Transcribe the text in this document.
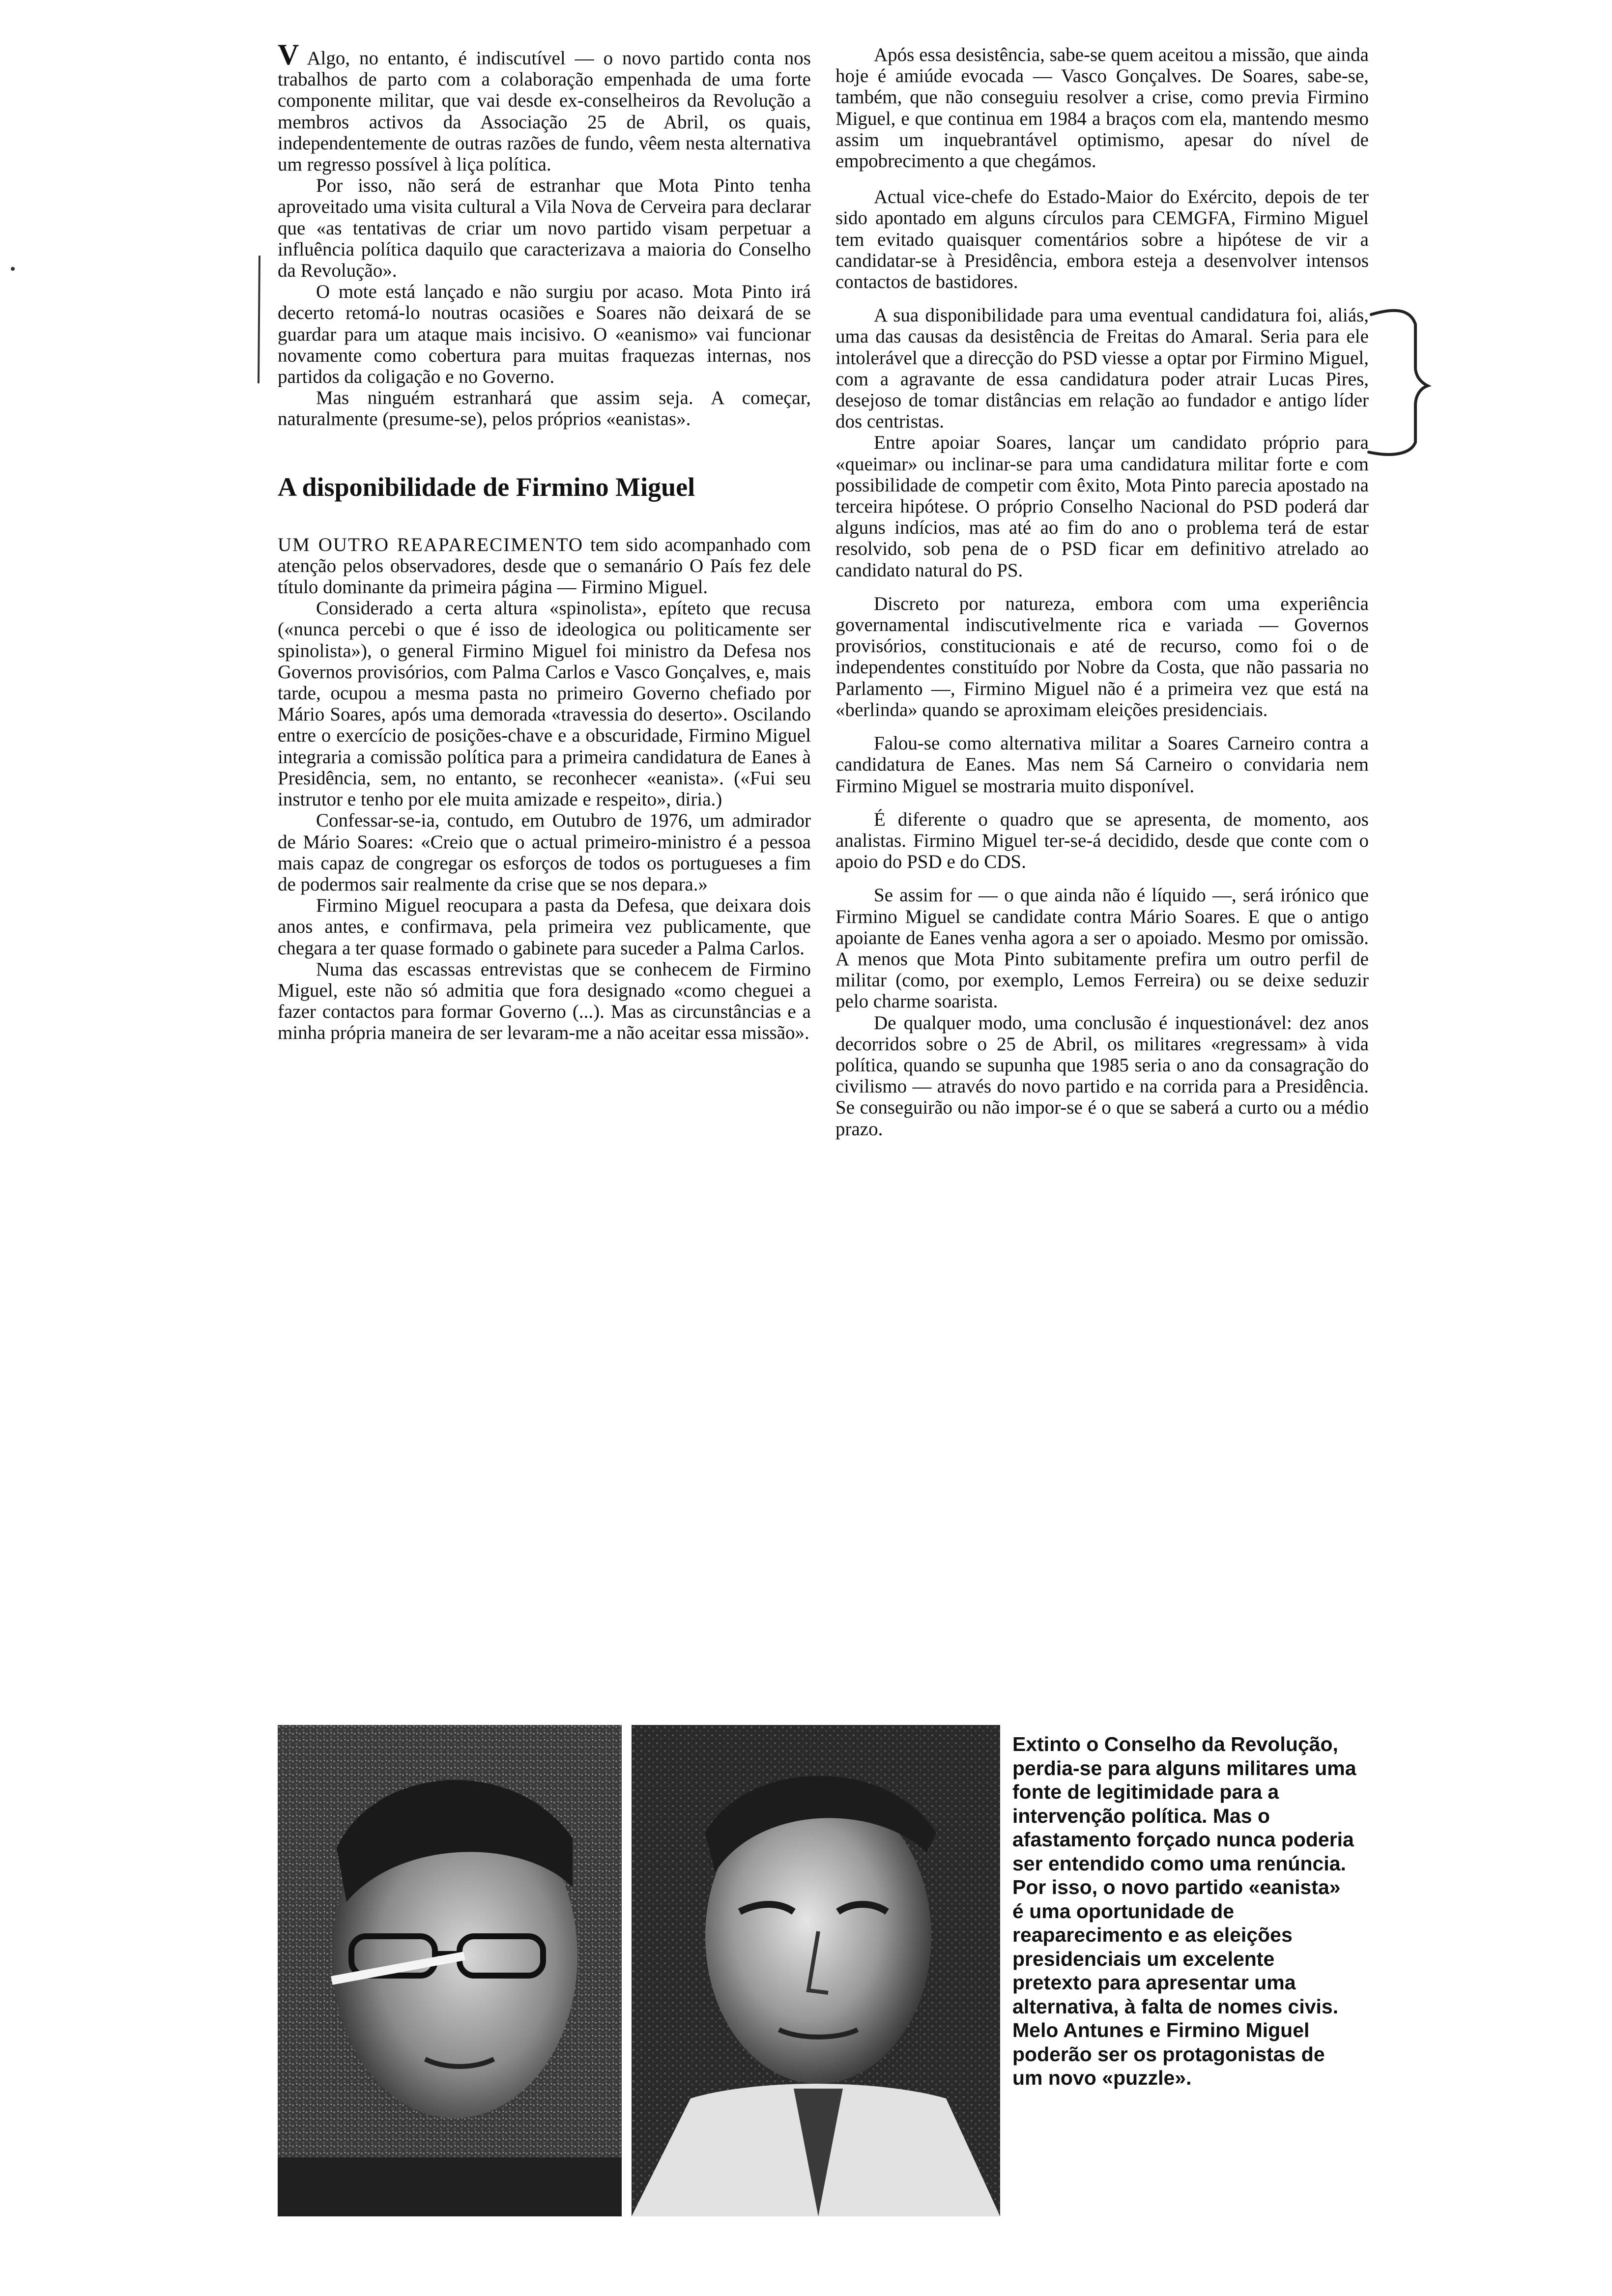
V Algo, no entanto, é indiscutível — o novo partido conta nos trabalhos de parto com a colaboração empenhada de uma forte componente militar, que vai desde ex-conselheiros da Revolução a membros activos da Associação 25 de Abril, os quais, independentemente de outras razões de fundo, vêem nesta alternativa um regresso possível à liça política.

Por isso, não será de estranhar que Mota Pinto tenha aproveitado uma visita cultural a Vila Nova de Cerveira para declarar que «as tentativas de criar um novo partido visam perpetuar a influência política daquilo que caracterizava a maioria do Conselho da Revolução».

O mote está lançado e não surgiu por acaso. Mota Pinto irá decerto retomá-lo noutras ocasiões e Soares não deixará de se guardar para um ataque mais incisivo. O «eanismo» vai funcionar novamente como cobertura para muitas fraquezas internas, nos partidos da coligação e no Governo.

Mas ninguém estranhará que assim seja. A começar, naturalmente (presume-se), pelos próprios «eanistas».

A disponibilidade de Firmino Miguel

UM OUTRO REAPARECIMENTO tem sido acompanhado com atenção pelos observadores, desde que o semanário O País fez dele título dominante da primeira página — Firmino Miguel.

Considerado a certa altura «spinolista», epíteto que recusa («nunca percebi o que é isso de ideologica ou politicamente ser spinolista»), o general Firmino Miguel foi ministro da Defesa nos Governos provisórios, com Palma Carlos e Vasco Gonçalves, e, mais tarde, ocupou a mesma pasta no primeiro Governo chefiado por Mário Soares, após uma demorada «travessia do deserto». Oscilando entre o exercício de posições-chave e a obscuridade, Firmino Miguel integraria a comissão política para a primeira candidatura de Eanes à Presidência, sem, no entanto, se reconhecer «eanista». («Fui seu instrutor e tenho por ele muita amizade e respeito», diria.)

Confessar-se-ia, contudo, em Outubro de 1976, um admirador de Mário Soares: «Creio que o actual primeiro-ministro é a pessoa mais capaz de congregar os esforços de todos os portugueses a fim de podermos sair realmente da crise que se nos depara.»

Firmino Miguel reocupara a pasta da Defesa, que deixara dois anos antes, e confirmava, pela primeira vez publicamente, que chegara a ter quase formado o gabinete para suceder a Palma Carlos.

Numa das escassas entrevistas que se conhecem de Firmino Miguel, este não só admitia que fora designado «como cheguei a fazer contactos para formar Governo (...). Mas as circunstâncias e a minha própria maneira de ser levaram-me a não aceitar essa missão».

Após essa desistência, sabe-se quem aceitou a missão, que ainda hoje é amiúde evocada — Vasco Gonçalves. De Soares, sabe-se, também, que não conseguiu resolver a crise, como previa Firmino Miguel, e que continua em 1984 a braços com ela, mantendo mesmo assim um inquebrantável optimismo, apesar do nível de empobrecimento a que chegámos.

Actual vice-chefe do Estado-Maior do Exército, depois de ter sido apontado em alguns círculos para CEMGFA, Firmino Miguel tem evitado quaisquer comentários sobre a hipótese de vir a candidatar-se à Presidência, embora esteja a desenvolver intensos contactos de bastidores.

A sua disponibilidade para uma eventual candidatura foi, aliás, uma das causas da desistência de Freitas do Amaral. Seria para ele intolerável que a direcção do PSD viesse a optar por Firmino Miguel, com a agravante de essa candidatura poder atrair Lucas Pires, desejoso de tomar distâncias em relação ao fundador e antigo líder dos centristas.

Entre apoiar Soares, lançar um candidato próprio para «queimar» ou inclinar-se para uma candidatura militar forte e com possibilidade de competir com êxito, Mota Pinto parecia apostado na terceira hipótese. O próprio Conselho Nacional do PSD poderá dar alguns indícios, mas até ao fim do ano o problema terá de estar resolvido, sob pena de o PSD ficar em definitivo atrelado ao candidato natural do PS.

Discreto por natureza, embora com uma experiência governamental indiscutivelmente rica e variada — Governos provisórios, constitucionais e até de recurso, como foi o de independentes constituído por Nobre da Costa, que não passaria no Parlamento —, Firmino Miguel não é a primeira vez que está na «berlinda» quando se aproximam eleições presidenciais.

Falou-se como alternativa militar a Soares Carneiro contra a candidatura de Eanes. Mas nem Sá Carneiro o convidaria nem Firmino Miguel se mostraria muito disponível.

É diferente o quadro que se apresenta, de momento, aos analistas. Firmino Miguel ter-se-á decidido, desde que conte com o apoio do PSD e do CDS.

Se assim for — o que ainda não é líquido —, será irónico que Firmino Miguel se candidate contra Mário Soares. E que o antigo apoiante de Eanes venha agora a ser o apoiado. Mesmo por omissão. A menos que Mota Pinto subitamente prefira um outro perfil de militar (como, por exemplo, Lemos Ferreira) ou se deixe seduzir pelo charme soarista.

De qualquer modo, uma conclusão é inquestionável: dez anos decorridos sobre o 25 de Abril, os militares «regressam» à vida política, quando se supunha que 1985 seria o ano da consagração do civilismo — através do novo partido e na corrida para a Presidência. Se conseguirão ou não impor-se é o que se saberá a curto ou a médio prazo.

Extinto o Conselho da Revolução, perdia-se para alguns militares uma fonte de legitimidade para a intervenção política. Mas o afastamento forçado nunca poderia ser entendido como uma renúncia. Por isso, o novo partido «eanista» é uma oportunidade de reaparecimento e as eleições presidenciais um excelente pretexto para apresentar uma alternativa, à falta de nomes civis. Melo Antunes e Firmino Miguel poderão ser os protagonistas de um novo «puzzle».
